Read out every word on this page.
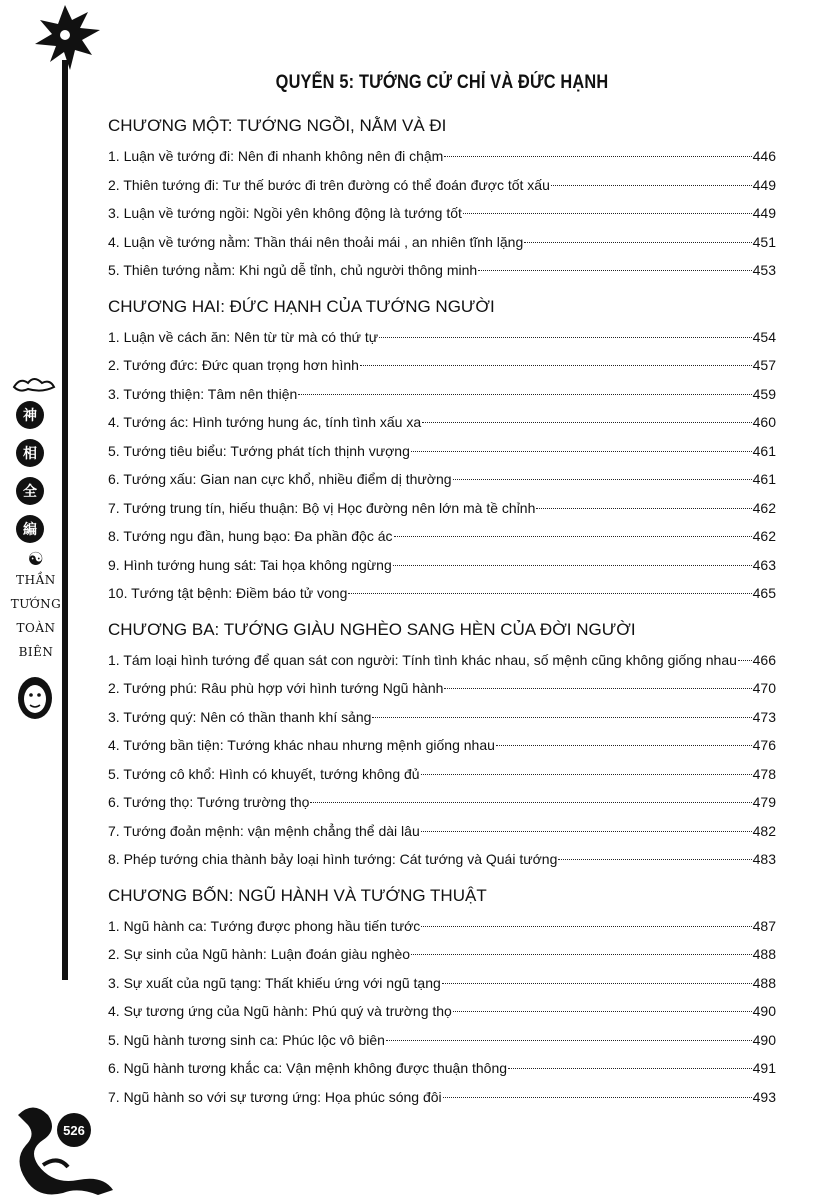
神
相
全
編
☯
THẦN
TƯỚNG
TOÀN
BIÊN
526
QUYỂN 5: TƯỚNG CỬ CHỈ VÀ ĐỨC HẠNH
CHƯƠNG MỘT: TƯỚNG NGỒI, NẰM VÀ ĐI
1. Luận về tướng đi: Nên đi nhanh không nên đi chậm	446
2. Thiên tướng đi: Tư thế bước đi trên đường có thể đoán được tốt xấu	449
3. Luận về tướng ngồi: Ngồi yên không động là tướng tốt	449
4. Luận về tướng nằm: Thần thái nên thoải mái , an nhiên tĩnh lặng	451
5. Thiên tướng nằm: Khi ngủ dễ tỉnh, chủ người thông minh	453
CHƯƠNG HAI: ĐỨC HẠNH CỦA TƯỚNG NGƯỜI
1. Luận về cách ăn: Nên từ từ mà có thứ tự	454
2. Tướng đức: Đức quan trọng hơn hình	457
3. Tướng thiện: Tâm nên thiện	459
4. Tướng ác: Hình tướng hung ác, tính tình xấu xa	460
5. Tướng tiêu biểu: Tướng phát tích thịnh vượng	461
6. Tướng xấu: Gian nan cực khổ, nhiều điểm dị thường	461
7. Tướng trung tín, hiếu thuận: Bộ vị Học đường nên lớn mà tề chỉnh	462
8. Tướng ngu đần, hung bạo: Đa phần độc ác	462
9. Hình tướng hung sát: Tai họa không ngừng	463
10. Tướng tật bệnh: Điềm báo tử vong	465
CHƯƠNG BA: TƯỚNG GIÀU NGHÈO SANG HÈN CỦA ĐỜI NGƯỜI
1. Tám loại hình tướng để quan sát con người: Tính tình khác nhau, số mệnh cũng không giống nhau 466
2. Tướng phú: Râu phù hợp với hình tướng Ngũ hành	470
3. Tướng quý: Nên có thần thanh khí sảng	473
4. Tướng bần tiện: Tướng khác nhau nhưng mệnh giống nhau	476
5. Tướng cô khổ: Hình có khuyết, tướng không đủ	478
6. Tướng thọ: Tướng trường thọ	479
7. Tướng đoản mệnh: vận mệnh chẳng thể dài lâu	482
8. Phép tướng chia thành bảy loại hình tướng: Cát tướng và Quái tướng	483
CHƯƠNG BỐN: NGŨ HÀNH VÀ TƯỚNG THUẬT
1. Ngũ hành ca: Tướng được phong hầu tiến tước	487
2. Sự sinh của Ngũ hành: Luận đoán giàu nghèo	488
3. Sự xuất của ngũ tạng: Thất khiếu ứng với ngũ tạng	488
4. Sự tương ứng của Ngũ hành: Phú quý và trường thọ	490
5. Ngũ hành tương sinh ca: Phúc lộc vô biên	490
6. Ngũ hành tương khắc ca: Vận mệnh không được thuận thông	491
7. Ngũ hành so với sự tương ứng: Họa phúc sóng đôi	493
